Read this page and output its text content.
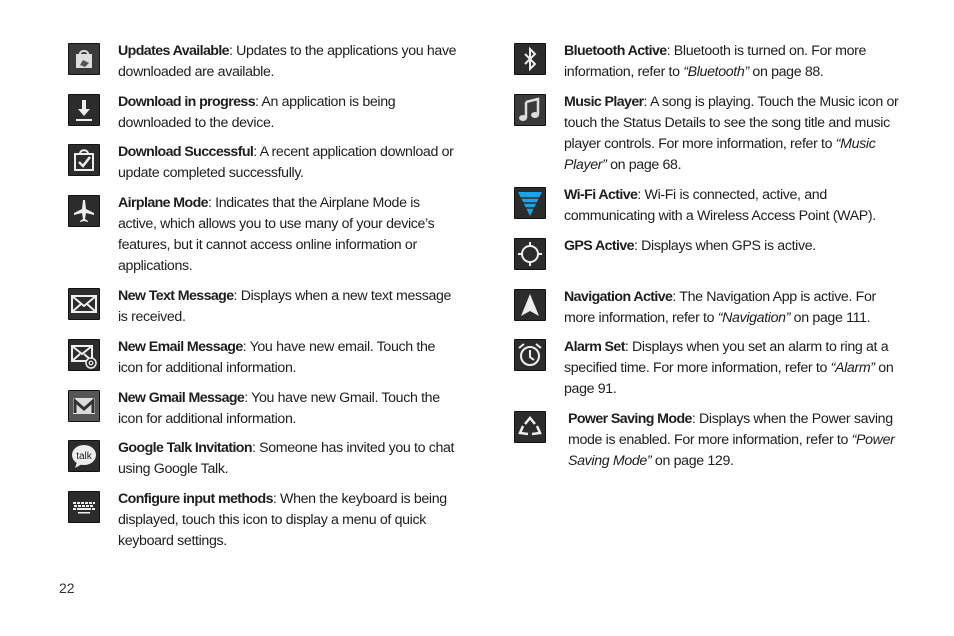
Updates Available: Updates to the applications you have downloaded are available.
Download in progress: An application is being downloaded to the device.
Download Successful: A recent application download or update completed successfully.
Airplane Mode: Indicates that the Airplane Mode is active, which allows you to use many of your device’s features, but it cannot access online information or applications.
New Text Message: Displays when a new text message is received.
New Email Message: You have new email. Touch the icon for additional information.
New Gmail Message: You have new Gmail. Touch the icon for additional information.
talk
Google Talk Invitation: Someone has invited you to chat using Google Talk.
Configure input methods: When the keyboard is being displayed, touch this icon to display a menu of quick keyboard settings.
Bluetooth Active: Bluetooth is turned on. For more information, refer to “Bluetooth” on page 88.
Music Player: A song is playing. Touch the Music icon or touch the Status Details to see the song title and music player controls. For more information, refer to “Music Player” on page 68.
Wi-Fi Active: Wi-Fi is connected, active, and communicating with a Wireless Access Point (WAP).
GPS Active: Displays when GPS is active.
Navigation Active: The Navigation App is active. For more information, refer to “Navigation” on page 111.
Alarm Set: Displays when you set an alarm to ring at a specified time. For more information, refer to “Alarm” on page 91.
Power Saving Mode: Displays when the Power saving mode is enabled. For more information, refer to “Power Saving Mode” on page 129.
22
